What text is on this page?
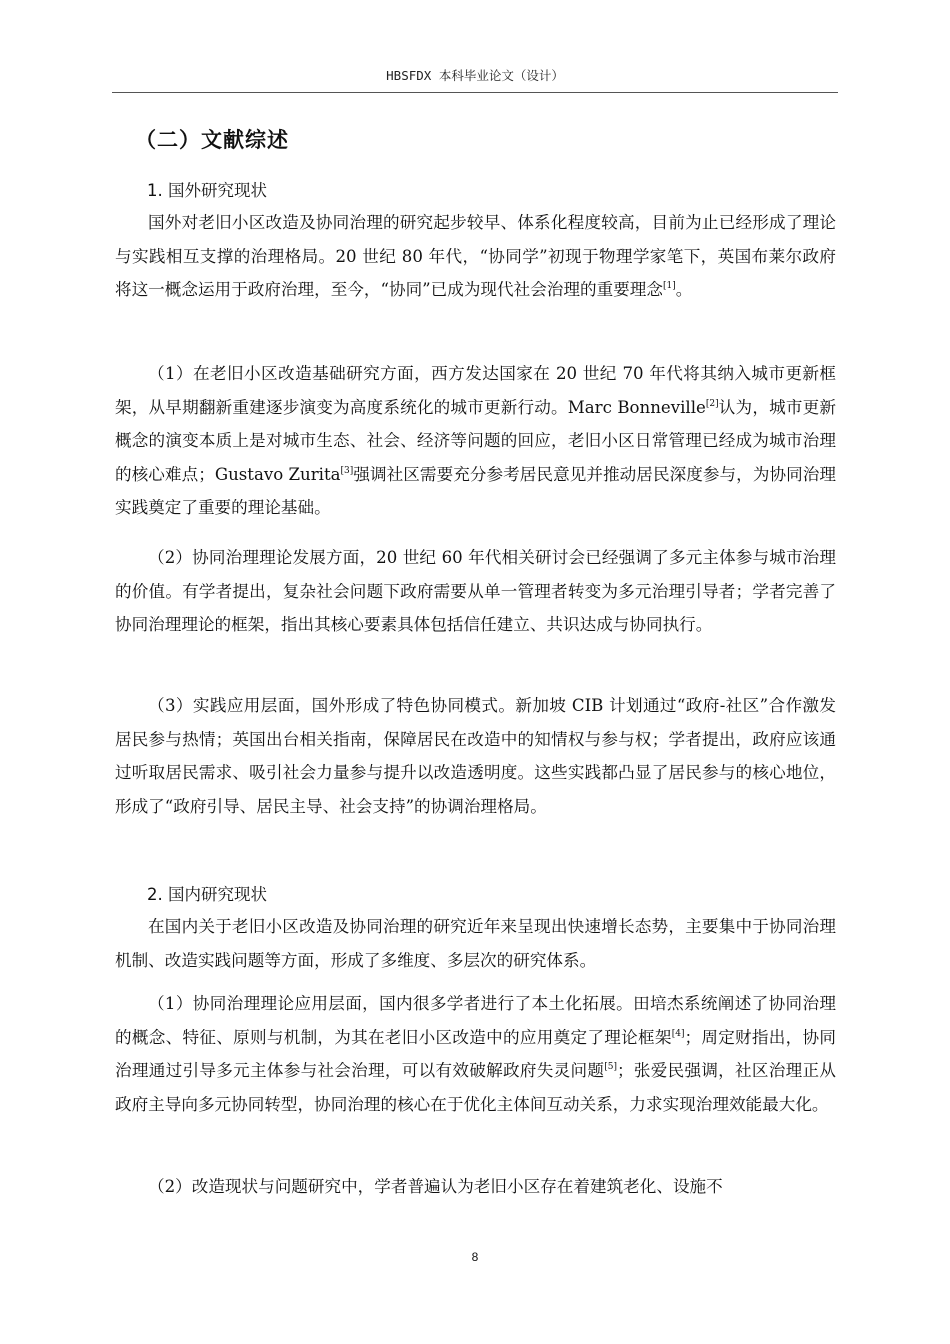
HBSFDX 本科毕业论文（设计）
（二）文献综述
1. 国外研究现状

国外对老旧小区改造及协同治理的研究起步较早、体系化程度较高，目前为止已经形成了理论与实践相互支撑的治理格局。20 世纪 80 年代，“协同学”初现于物理学家笔下，英国布莱尔政府将这一概念运用于政府治理，至今，“协同”已成为现代社会治理的重要理念[1]。

（1）在老旧小区改造基础研究方面，西方发达国家在 20 世纪 70 年代将其纳入城市更新框架，从早期翻新重建逐步演变为高度系统化的城市更新行动。Marc Bonneville[2]认为，城市更新概念的演变本质上是对城市生态、社会、经济等问题的回应，老旧小区日常管理已经成为城市治理的核心难点；Gustavo Zurita[3]强调社区需要充分参考居民意见并推动居民深度参与，为协同治理实践奠定了重要的理论基础。

（2）协同治理理论发展方面，20 世纪 60 年代相关研讨会已经强调了多元主体参与城市治理的价值。有学者提出，复杂社会问题下政府需要从单一管理者转变为多元治理引导者；学者完善了协同治理理论的框架，指出其核心要素具体包括信任建立、共识达成与协同执行。

（3）实践应用层面，国外形成了特色协同模式。新加坡 CIB 计划通过“政府-社区”合作激发居民参与热情；英国出台相关指南，保障居民在改造中的知情权与参与权；学者提出，政府应该通过听取居民需求、吸引社会力量参与提升以改造透明度。这些实践都凸显了居民参与的核心地位，形成了“政府引导、居民主导、社会支持”的协调治理格局。

2. 国内研究现状

在国内关于老旧小区改造及协同治理的研究近年来呈现出快速增长态势，主要集中于协同治理机制、改造实践问题等方面，形成了多维度、多层次的研究体系。

（1）协同治理理论应用层面，国内很多学者进行了本土化拓展。田培杰系统阐述了协同治理的概念、特征、原则与机制，为其在老旧小区改造中的应用奠定了理论框架[4]；周定财指出，协同治理通过引导多元主体参与社会治理，可以有效破解政府失灵问题[5]；张爱民强调，社区治理正从政府主导向多元协同转型，协同治理的核心在于优化主体间互动关系，力求实现治理效能最大化。

（2）改造现状与问题研究中，学者普遍认为老旧小区存在着建筑老化、设施不

8
